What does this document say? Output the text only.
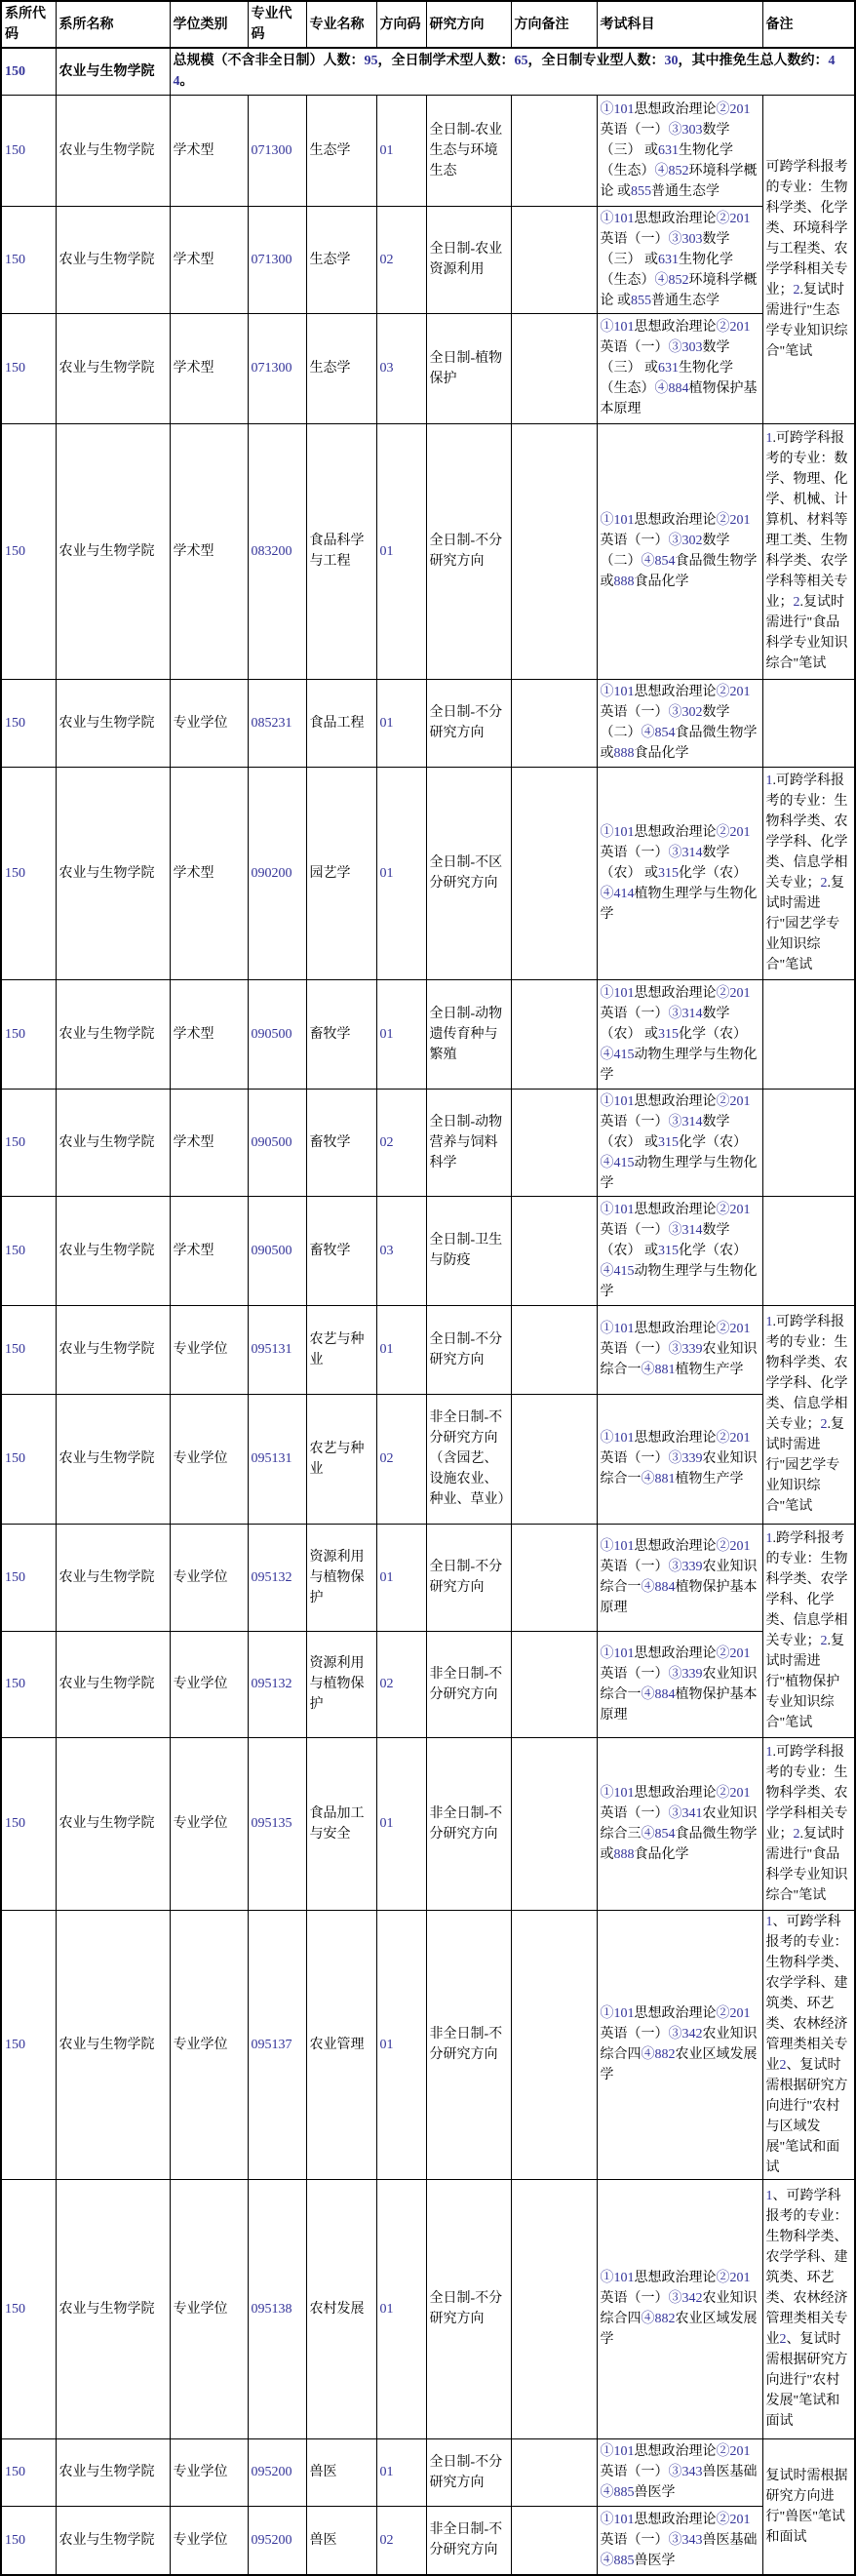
系所代码	系所名称	学位类别	专业代码	专业名称	方向码	研究方向	方向备注	考试科目	备注
150	农业与生物学院	总规模（不含非全日制）人数：95，全日制学术型人数：65，全日制专业型人数：30，其中推免生总人数约：44。							
150	农业与生物学院	学术型	071300	生态学	01	全日制-农业生态与环境生态		①101思想政治理论②201英语（一）③303数学（三） 或631生物化学（生态）④852环境科学概论 或855普通生态学	可跨学科报考的专业：生物科学类、化学类、环境科学与工程类、农学学科相关专业；2.复试时需进行"生态学专业知识综合"笔试
150	农业与生物学院	学术型	071300	生态学	02	全日制-农业资源利用		①101思想政治理论②201英语（一）③303数学（三） 或631生物化学（生态）④852环境科学概论 或855普通生态学	
150	农业与生物学院	学术型	071300	生态学	03	全日制-植物保护		①101思想政治理论②201英语（一）③303数学（三） 或631生物化学（生态）④884植物保护基本原理	
150	农业与生物学院	学术型	083200	食品科学与工程	01	全日制-不分研究方向		①101思想政治理论②201英语（一）③302数学（二）④854食品微生物学 或888食品化学	1.可跨学科报考的专业：数学、物理、化学、机械、计算机、材料等理工类、生物科学类、农学学科等相关专业；2.复试时需进行"食品科学专业知识综合"笔试
150	农业与生物学院	专业学位	085231	食品工程	01	全日制-不分研究方向		①101思想政治理论②201英语（一）③302数学（二）④854食品微生物学 或888食品化学	
150	农业与生物学院	学术型	090200	园艺学	01	全日制-不区分研究方向		①101思想政治理论②201英语（一）③314数学（农） 或315化学（农）④414植物生理学与生物化学	1.可跨学科报考的专业：生物科学类、农学学科、化学类、信息学相关专业；2.复试时需进行"园艺学专业知识综合"笔试
150	农业与生物学院	学术型	090500	畜牧学	01	全日制-动物遗传育种与繁殖		①101思想政治理论②201英语（一）③314数学（农） 或315化学（农）④415动物生理学与生物化学	
150	农业与生物学院	学术型	090500	畜牧学	02	全日制-动物营养与饲料科学		①101思想政治理论②201英语（一）③314数学（农） 或315化学（农）④415动物生理学与生物化学	
150	农业与生物学院	学术型	090500	畜牧学	03	全日制-卫生与防疫		①101思想政治理论②201英语（一）③314数学（农） 或315化学（农）④415动物生理学与生物化学	
150	农业与生物学院	专业学位	095131	农艺与种业	01	全日制-不分研究方向		①101思想政治理论②201英语（一）③339农业知识综合一④881植物生产学	1.可跨学科报考的专业：生物科学类、农学学科、化学类、信息学相关专业；2.复试时需进行"园艺学专业知识综合"笔试
150	农业与生物学院	专业学位	095131	农艺与种业	02	非全日制-不分研究方向（含园艺、设施农业、种业、草业）		①101思想政治理论②201英语（一）③339农业知识综合一④881植物生产学	
150	农业与生物学院	专业学位	095132	资源利用与植物保护	01	全日制-不分研究方向		①101思想政治理论②201英语（一）③339农业知识综合一④884植物保护基本原理	1.跨学科报考的专业：生物科学类、农学学科、化学类、信息学相关专业；2.复试时需进行"植物保护专业知识综合"笔试
150	农业与生物学院	专业学位	095132	资源利用与植物保护	02	非全日制-不分研究方向		①101思想政治理论②201英语（一）③339农业知识综合一④884植物保护基本原理	
150	农业与生物学院	专业学位	095135	食品加工与安全	01	非全日制-不分研究方向		①101思想政治理论②201英语（一）③341农业知识综合三④854食品微生物学 或888食品化学	1.可跨学科报考的专业：生物科学类、农学学科相关专业；2.复试时需进行"食品科学专业知识综合"笔试
150	农业与生物学院	专业学位	095137	农业管理	01	非全日制-不分研究方向		①101思想政治理论②201英语（一）③342农业知识综合四④882农业区域发展学	1、可跨学科报考的专业：生物科学类、农学学科、建筑类、环艺类、农林经济管理类相关专业2、复试时需根据研究方向进行"农村与区域发展"笔试和面试
150	农业与生物学院	专业学位	095138	农村发展	01	全日制-不分研究方向		①101思想政治理论②201英语（一）③342农业知识综合四④882农业区域发展学	1、可跨学科报考的专业：生物科学类、农学学科、建筑类、环艺类、农林经济管理类相关专业2、复试时需根据研究方向进行"农村发展"笔试和面试
150	农业与生物学院	专业学位	095200	兽医	01	全日制-不分研究方向		①101思想政治理论②201英语（一）③343兽医基础④885兽医学	复试时需根据研究方向进行"兽医"笔试和面试
150	农业与生物学院	专业学位	095200	兽医	02	非全日制-不分研究方向		①101思想政治理论②201英语（一）③343兽医基础④885兽医学	
